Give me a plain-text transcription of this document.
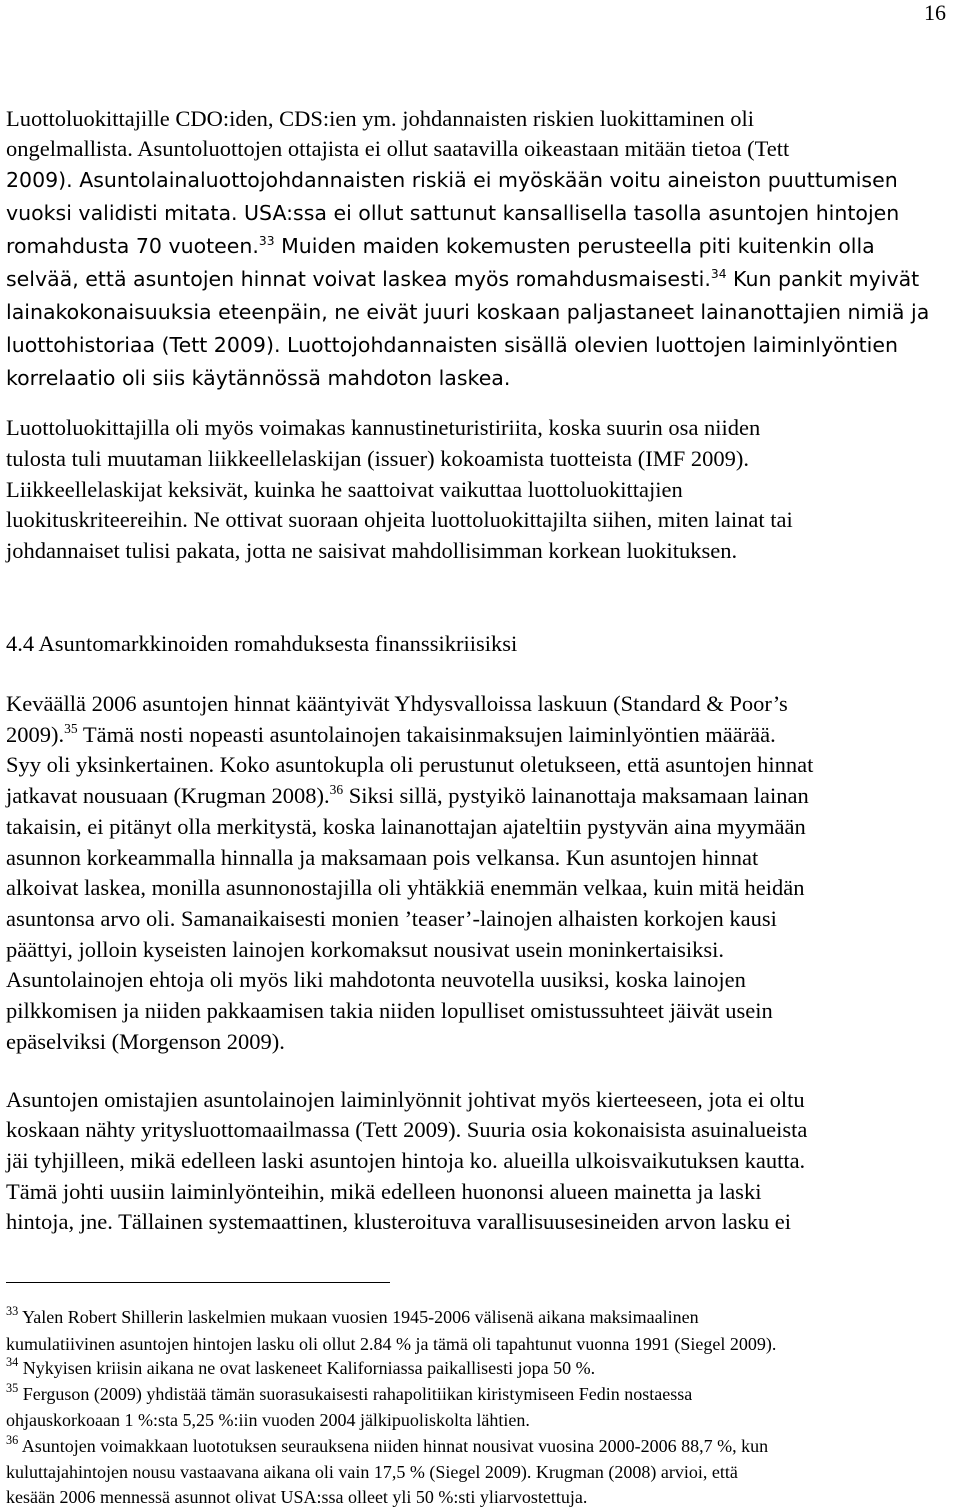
16
Luottoluokittajille CDO:iden, CDS:ien ym. johdannaisten riskien luokittaminen oli
ongelmallista. Asuntoluottojen ottajista ei ollut saatavilla oikeastaan mitään tietoa (Tett
2009). Asuntolainaluottojohdannaisten riskiä ei myöskään voitu aineiston puuttumisen
vuoksi validisti mitata. USA:ssa ei ollut sattunut kansallisella tasolla asuntojen hintojen
romahdusta 70 vuoteen.$^{33}$ Muiden maiden kokemusten perusteella piti kuitenkin olla
selvää, että asuntojen hinnat voivat laskea myös romahdusmaisesti.$^{34}$ Kun pankit myivät
lainakokonaisuuksia eteenpäin, ne eivät juuri koskaan paljastaneet lainanottajien nimiä ja
luottohistoriaa (Tett 2009). Luottojohdannaisten sisällä olevien luottojen laiminlyöntien
korrelaatio oli siis käytännössä mahdoton laskea.
Luottoluokittajilla oli myös voimakas kannustineturistiriita, koska suurin osa niiden
tulosta tuli muutaman liikkeellelaskijan (issuer) kokoamista tuotteista (IMF 2009).
Liikkeellelaskijat keksivät, kuinka he saattoivat vaikuttaa luottoluokittajien
luokituskriteereihin. Ne ottivat suoraan ohjeita luottoluokittajilta siihen, miten lainat tai
johdannaiset tulisi pakata, jotta ne saisivat mahdollisimman korkean luokituksen.
4.4 Asuntomarkkinoiden romahduksesta finanssikriisiksi
Keväällä 2006 asuntojen hinnat kääntyivät Yhdysvalloissa laskuun (Standard & Poor’s
2009).$^{35}$ Tämä nosti nopeasti asuntolainojen takaisinmaksujen laiminlyöntien määrää.
Syy oli yksinkertainen. Koko asuntokupla oli perustunut oletukseen, että asuntojen hinnat
jatkavat nousuaan (Krugman 2008).$^{36}$ Siksi sillä, pystyikö lainanottaja maksamaan lainan
takaisin, ei pitänyt olla merkitystä, koska lainanottajan ajateltiin pystyvän aina myymään
asunnon korkeammalla hinnalla ja maksamaan pois velkansa. Kun asuntojen hinnat
alkoivat laskea, monilla asunnonostajilla oli yhtäkkiä enemmän velkaa, kuin mitä heidän
asuntonsa arvo oli. Samanaikaisesti monien ’teaser’-lainojen alhaisten korkojen kausi
päättyi, jolloin kyseisten lainojen korkomaksut nousivat usein moninkertaisiksi.
Asuntolainojen ehtoja oli myös liki mahdotonta neuvotella uusiksi, koska lainojen
pilkkomisen ja niiden pakkaamisen takia niiden lopulliset omistussuhteet jäivät usein
epäselviksi (Morgenson 2009).
Asuntojen omistajien asuntolainojen laiminlyönnit johtivat myös kierteeseen, jota ei oltu
koskaan nähty yritysluottomaailmassa (Tett 2009). Suuria osia kokonaisista asuinalueista
jäi tyhjilleen, mikä edelleen laski asuntojen hintoja ko. alueilla ulkoisvaikutuksen kautta.
Tämä johti uusiin laiminlyönteihin, mikä edelleen huononsi alueen mainetta ja laski
hintoja, jne. Tällainen systemaattinen, klusteroituva varallisuusesineiden arvon lasku ei
$^{33}$ Yalen Robert Shillerin laskelmien mukaan vuosien 1945-2006 välisenä aikana maksimaalinen
kumulatiivinen asuntojen hintojen lasku oli ollut 2.84 % ja tämä oli tapahtunut vuonna 1991 (Siegel 2009).
$^{34}$ Nykyisen kriisin aikana ne ovat laskeneet Kaliforniassa paikallisesti jopa 50 %.
$^{35}$ Ferguson (2009) yhdistää tämän suorasukaisesti rahapolitiikan kiristymiseen Fedin nostaessa
ohjauskorkoaan 1 %:sta 5,25 %:iin vuoden 2004 jälkipuoliskolta lähtien.
$^{36}$ Asuntojen voimakkaan luototuksen seurauksena niiden hinnat nousivat vuosina 2000-2006 88,7 %, kun
kuluttajahintojen nousu vastaavana aikana oli vain 17,5 % (Siegel 2009). Krugman (2008) arvioi, että
kesään 2006 mennessä asunnot olivat USA:ssa olleet yli 50 %:sti yliarvostettuja.
